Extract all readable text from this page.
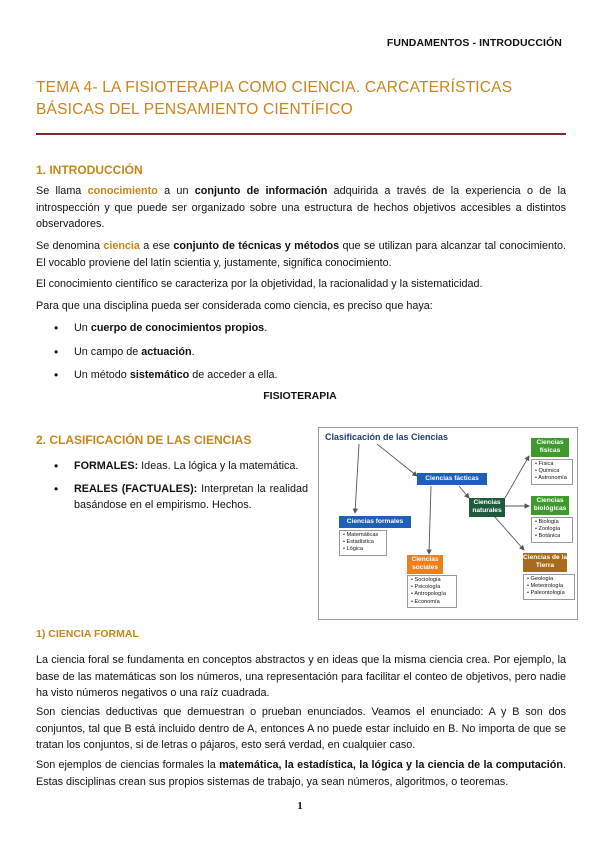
FUNDAMENTOS - INTRODUCCIÓN
TEMA 4- LA FISIOTERAPIA COMO CIENCIA. CARCATERÍSTICAS BÁSICAS DEL PENSAMIENTO CIENTÍFICO
1. INTRODUCCIÓN
Se llama conocimiento a un conjunto de información adquirida a través de la experiencia o de la introspección y que puede ser organizado sobre una estructura de hechos objetivos accesibles a distintos observadores.
Se denomina ciencia a ese conjunto de técnicas y métodos que se utilizan para alcanzar tal conocimiento. El vocablo proviene del latín scientia y, justamente, significa conocimiento.
El conocimiento científico se caracteriza por la objetividad, la racionalidad y la sistematicidad.
Para que una disciplina pueda ser considerada como ciencia, es preciso que haya:
• Un cuerpo de conocimientos propios.
• Un campo de actuación.
• Un método sistemático de acceder a ella.
FISIOTERAPIA
2. CLASIFICACIÓN DE LAS CIENCIAS
• FORMALES: Ideas. La lógica y la matemática.
• REALES (FACTUALES): Interpretan la realidad basándose en el empirismo. Hechos.
Clasificación de las Ciencias
Ciencias fácticas
Ciencias formales
• Matemáticas
• Estadística
• Lógica
Ciencias naturales
Ciencias sociales
• Sociología
• Psicología
• Antropología
• Economía
Ciencias físicas
• Física
• Química
• Astronomía
Ciencias biológicas
• Biología
• Zoología
• Botánica
Ciencias de la Tierra
• Geología
• Meteorología
• Paleontología
1) CIENCIA FORMAL
La ciencia foral se fundamenta en conceptos abstractos y en ideas que la misma ciencia crea. Por ejemplo, la base de las matemáticas son los números, una representación para facilitar el conteo de objetivos, pero nadie ha visto números negativos o una raíz cuadrada.
Son ciencias deductivas que demuestran o prueban enunciados. Veamos el enunciado: A y B son dos conjuntos, tal que B está incluido dentro de A, entonces A no puede estar incluido en B. No importa de que se tratan los conjuntos, si de letras o pájaros, esto será verdad, en cualquier caso.
Son ejemplos de ciencias formales la matemática, la estadística, la lógica y la ciencia de la computación. Estas disciplinas crean sus propios sistemas de trabajo, ya sean números, algoritmos, o teoremas.
1
